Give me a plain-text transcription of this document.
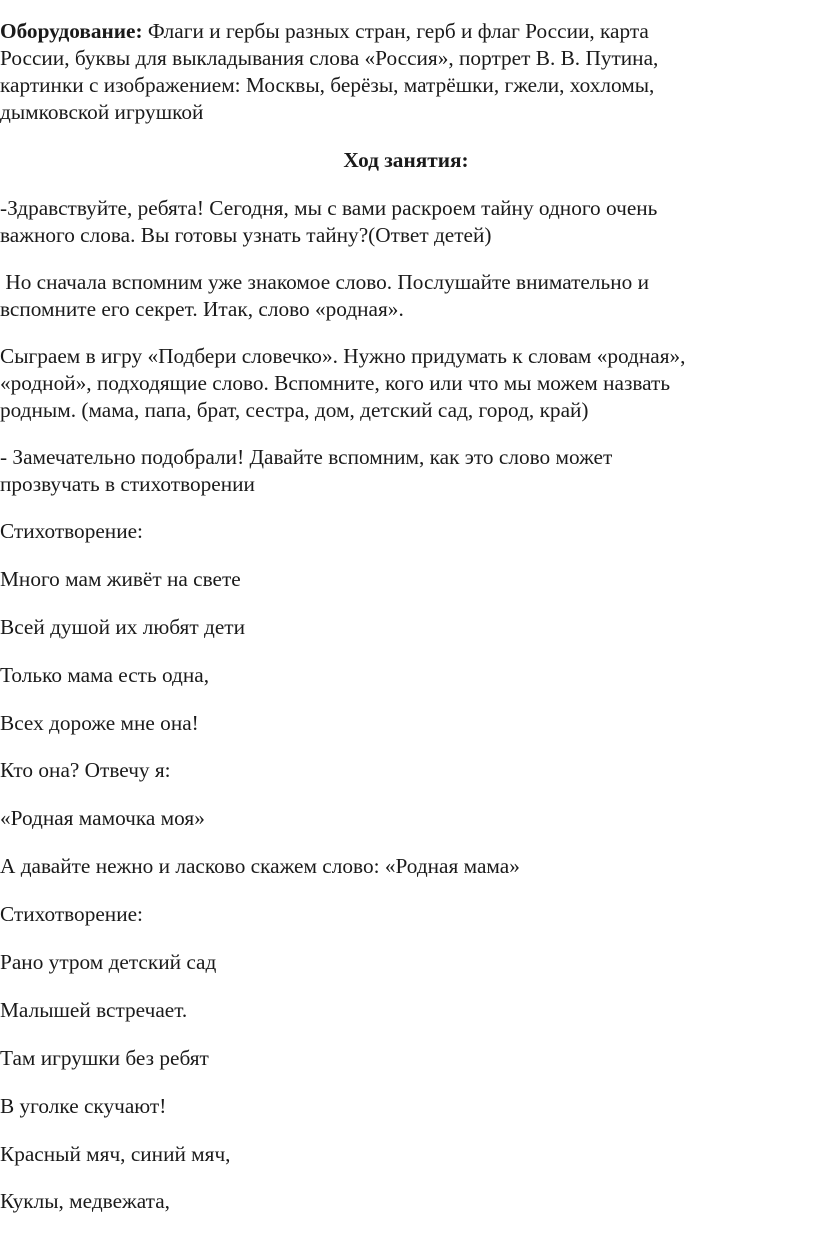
Оборудование: Флаги и гербы разных стран, герб и флаг России, карта
России, буквы для выкладывания слова «Россия», портрет В. В. Путина,
картинки с изображением: Москвы, берёзы, матрёшки, гжели, хохломы,
дымковской игрушкой
Ход занятия:
-Здравствуйте, ребята! Сегодня, мы с вами раскроем тайну одного очень
важного слова. Вы готовы узнать тайну?(Ответ детей)
Но сначала вспомним уже знакомое слово. Послушайте внимательно и
вспомните его секрет. Итак, слово «родная».
Сыграем в игру «Подбери словечко». Нужно придумать к словам «родная»,
«родной», подходящие слово. Вспомните, кого или что мы можем назвать
родным. (мама, папа, брат, сестра, дом, детский сад, город, край)
- Замечательно подобрали! Давайте вспомним, как это слово может
прозвучать в стихотворении
Стихотворение:
Много мам живёт на свете
Всей душой их любят дети
Только мама есть одна,
Всех дороже мне она!
Кто она? Отвечу я:
«Родная мамочка моя»
А давайте нежно и ласково скажем слово: «Родная мама»
Стихотворение:
Рано утром детский сад
Малышей встречает.
Там игрушки без ребят
В уголке скучают!
Красный мяч, синий мяч,
Куклы, медвежата,
